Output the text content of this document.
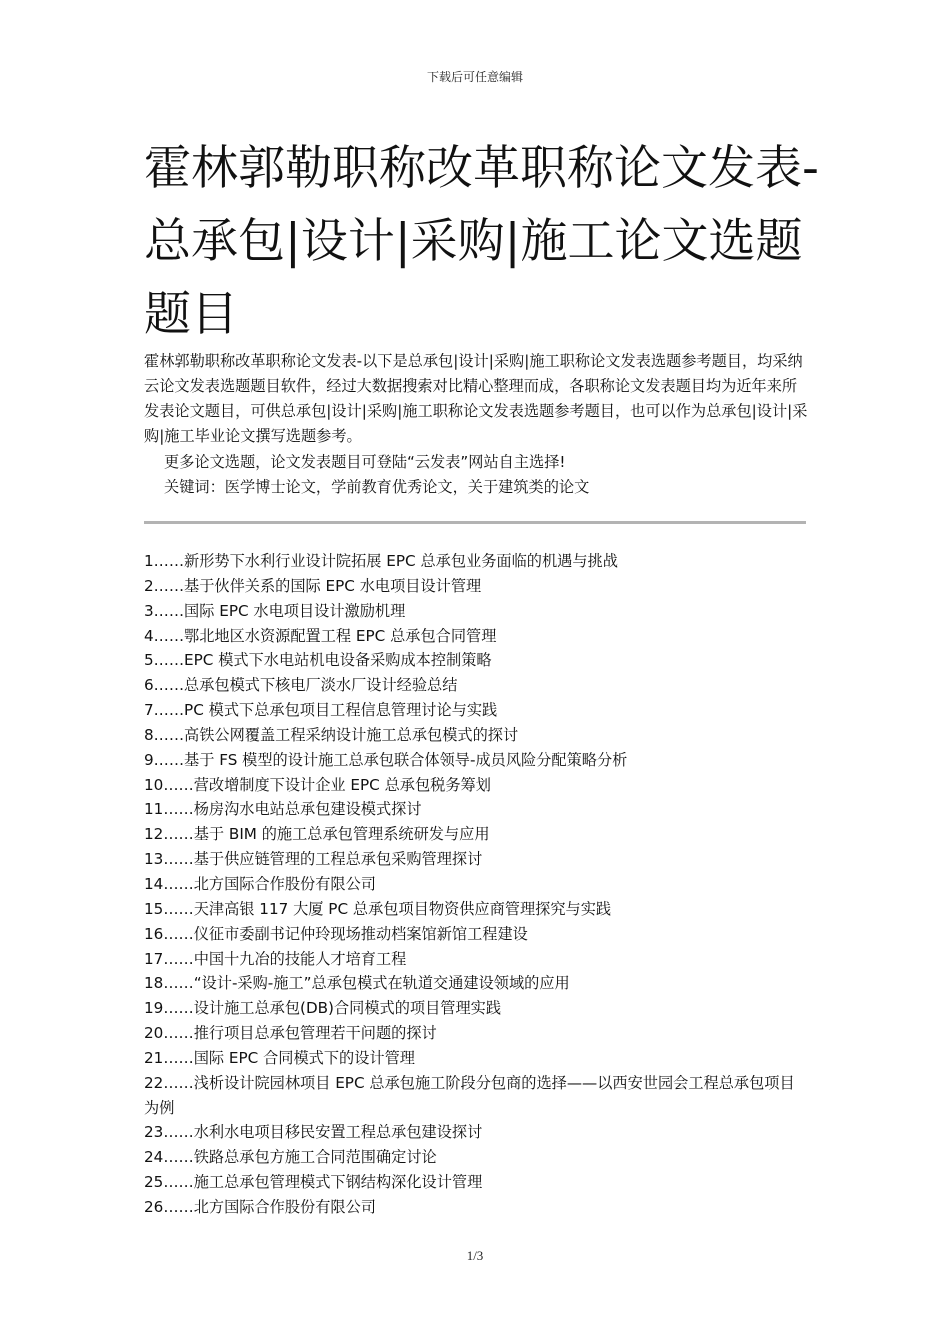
下载后可任意编辑
霍林郭勒职称改革职称论文发表-总承包|设计|采购|施工论文选题题目

霍林郭勒职称改革职称论文发表-以下是总承包|设计|采购|施工职称论文发表选题参考题目，均采纳云论文发表选题题目软件，经过大数据搜索对比精心整理而成，各职称论文发表题目均为近年来所发表论文题目，可供总承包|设计|采购|施工职称论文发表选题参考题目，也可以作为总承包|设计|采购|施工毕业论文撰写选题参考。

更多论文选题，论文发表题目可登陆“云发表”网站自主选择!
关键词：医学博士论文，学前教育优秀论文，关于建筑类的论文
1……新形势下水利行业设计院拓展 EPC 总承包业务面临的机遇与挑战
2……基于伙伴关系的国际 EPC 水电项目设计管理
3……国际 EPC 水电项目设计激励机理
4……鄂北地区水资源配置工程 EPC 总承包合同管理
5……EPC 模式下水电站机电设备采购成本控制策略
6……总承包模式下核电厂淡水厂设计经验总结
7……PC 模式下总承包项目工程信息管理讨论与实践
8……高铁公网覆盖工程采纳设计施工总承包模式的探讨
9……基于 FS 模型的设计施工总承包联合体领导-成员风险分配策略分析
10……营改增制度下设计企业 EPC 总承包税务筹划
11……杨房沟水电站总承包建设模式探讨
12……基于 BIM 的施工总承包管理系统研发与应用
13……基于供应链管理的工程总承包采购管理探讨
14……北方国际合作股份有限公司
15……天津高银 117 大厦 PC 总承包项目物资供应商管理探究与实践
16……仪征市委副书记仲玲现场推动档案馆新馆工程建设
17……中国十九冶的技能人才培育工程
18……“设计-采购-施工”总承包模式在轨道交通建设领域的应用
19……设计施工总承包(DB)合同模式的项目管理实践
20……推行项目总承包管理若干问题的探讨
21……国际 EPC 合同模式下的设计管理
22……浅析设计院园林项目 EPC 总承包施工阶段分包商的选择——以西安世园会工程总承包项目为例
23……水利水电项目移民安置工程总承包建设探讨
24……铁路总承包方施工合同范围确定讨论
25……施工总承包管理模式下钢结构深化设计管理
26……北方国际合作股份有限公司
1/3
